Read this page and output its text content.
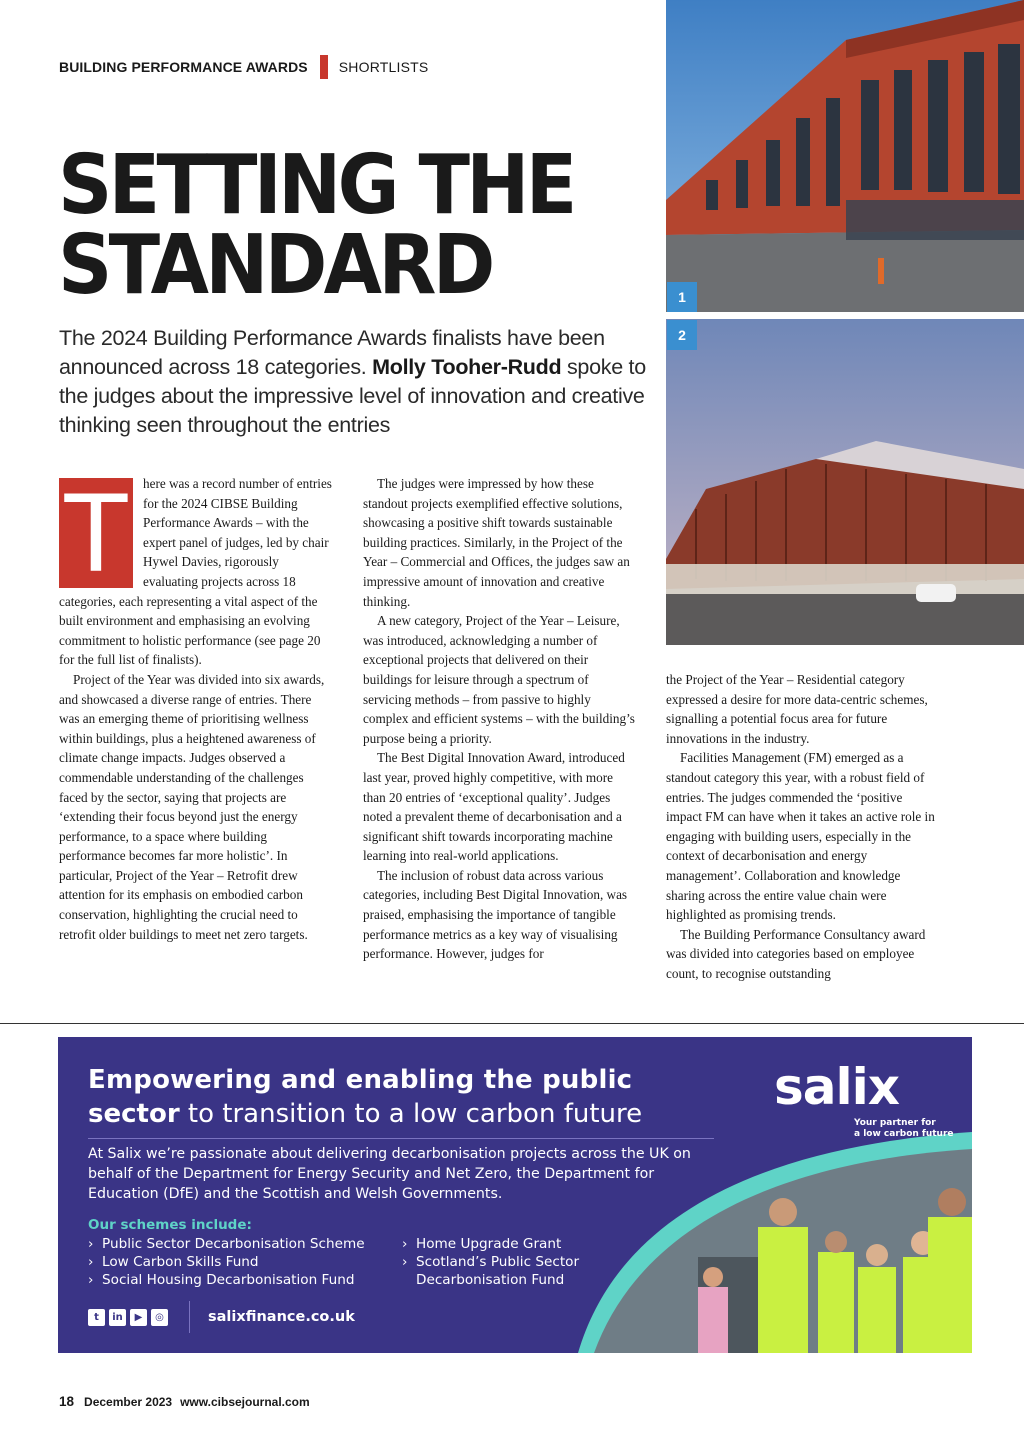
BUILDING PERFORMANCE AWARDS SHORTLISTS
SETTING THE
STANDARD

The 2024 Building Performance Awards finalists have been announced across 18 categories. Molly Tooher-Rudd spoke to the judges about the impressive level of innovation and creative thinking seen throughout the entries

1
2
T here was a record number of entries for the 2024 CIBSE Building Performance Awards – with the expert panel of judges, led by chair Hywel Davies, rigorously evaluating projects across 18 categories, each representing a vital aspect of the built environment and emphasising an evolving commitment to holistic performance (see page 20 for the full list of finalists).

Project of the Year was divided into six awards, and showcased a diverse range of entries. There was an emerging theme of prioritising wellness within buildings, plus a heightened awareness of climate change impacts. Judges observed a commendable understanding of the challenges faced by the sector, saying that projects are ‘extending their focus beyond just the energy performance, to a space where building performance becomes far more holistic’. In particular, Project of the Year – Retrofit drew attention for its emphasis on embodied carbon conservation, highlighting the crucial need to retrofit older buildings to meet net zero targets.

The judges were impressed by how these standout projects exemplified effective solutions, showcasing a positive shift towards sustainable building practices. Similarly, in the Project of the Year – Commercial and Offices, the judges saw an impressive amount of innovation and creative thinking.

A new category, Project of the Year – Leisure, was introduced, acknowledging a number of exceptional projects that delivered on their buildings for leisure through a spectrum of servicing methods – from passive to highly complex and efficient systems – with the building’s purpose being a priority.

The Best Digital Innovation Award, introduced last year, proved highly competitive, with more than 20 entries of ‘exceptional quality’. Judges noted a prevalent theme of decarbonisation and a significant shift towards incorporating machine learning into real-world applications.

The inclusion of robust data across various categories, including Best Digital Innovation, was praised, emphasising the importance of tangible performance metrics as a key way of visualising performance. However, judges for

the Project of the Year – Residential category expressed a desire for more data-centric schemes, signalling a potential focus area for future innovations in the industry.

Facilities Management (FM) emerged as a standout category this year, with a robust field of entries. The judges commended the ‘positive impact FM can have when it takes an active role in engaging with building users, especially in the context of decarbonisation and energy management’. Collaboration and knowledge sharing across the entire value chain were highlighted as promising trends.

The Building Performance Consultancy award was divided into categories based on employee count, to recognise outstanding

Empowering and enabling the public
sector to transition to a low carbon future

At Salix we’re passionate about delivering decarbonisation projects across the UK on behalf of the Department for Energy Security and Net Zero, the Department for Education (DfE) and the Scottish and Welsh Governments.

Our schemes include:
› Public Sector Decarbonisation Scheme
› Low Carbon Skills Fund
› Social Housing Decarbonisation Fund
› Home Upgrade Grant
› Scotland’s Public Sector Decarbonisation Fund
t	in	▶	◎	salixfinance.co.uk
salix
Your partner for
a low carbon future
18 December 2023 www.cibsejournal.com
